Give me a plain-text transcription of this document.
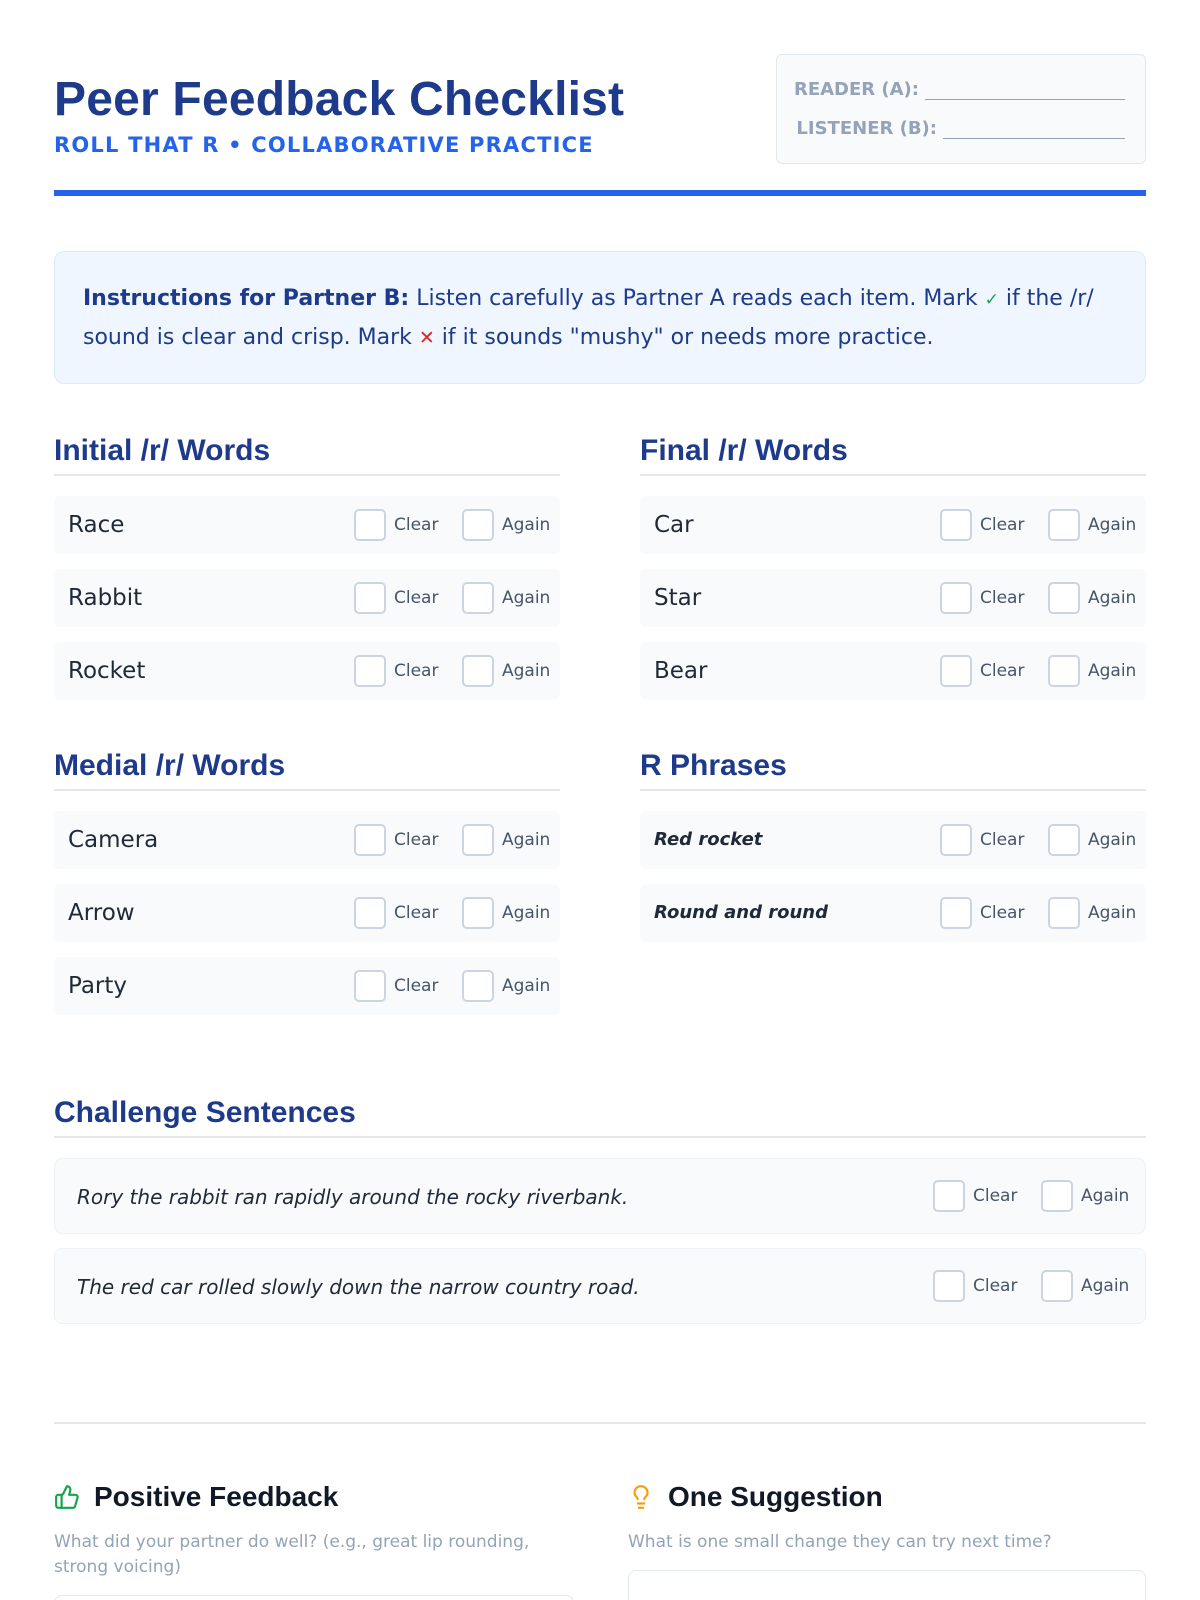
Peer Feedback Checklist
ROLL THAT R • COLLABORATIVE PRACTICE
READER (A):
LISTENER (B):
Instructions for Partner B: Listen carefully as Partner A reads each item. Mark ✓ if the /r/ sound is clear and crisp. Mark ✕ if it sounds "mushy" or needs more practice.
Initial /r/ Words
Race	Clear	Again
Rabbit	Clear	Again
Rocket	Clear	Again
Final /r/ Words
Car	Clear	Again
Star	Clear	Again
Bear	Clear	Again
Medial /r/ Words
Camera	Clear	Again
Arrow	Clear	Again
Party	Clear	Again
R Phrases
Red rocket	Clear	Again
Round and round	Clear	Again
Challenge Sentences
Rory the rabbit ran rapidly around the rocky riverbank.	Clear	Again
The red car rolled slowly down the narrow country road.	Clear	Again
Positive Feedback
What did your partner do well? (e.g., great lip rounding, strong voicing)
One Suggestion
What is one small change they can try next time?
